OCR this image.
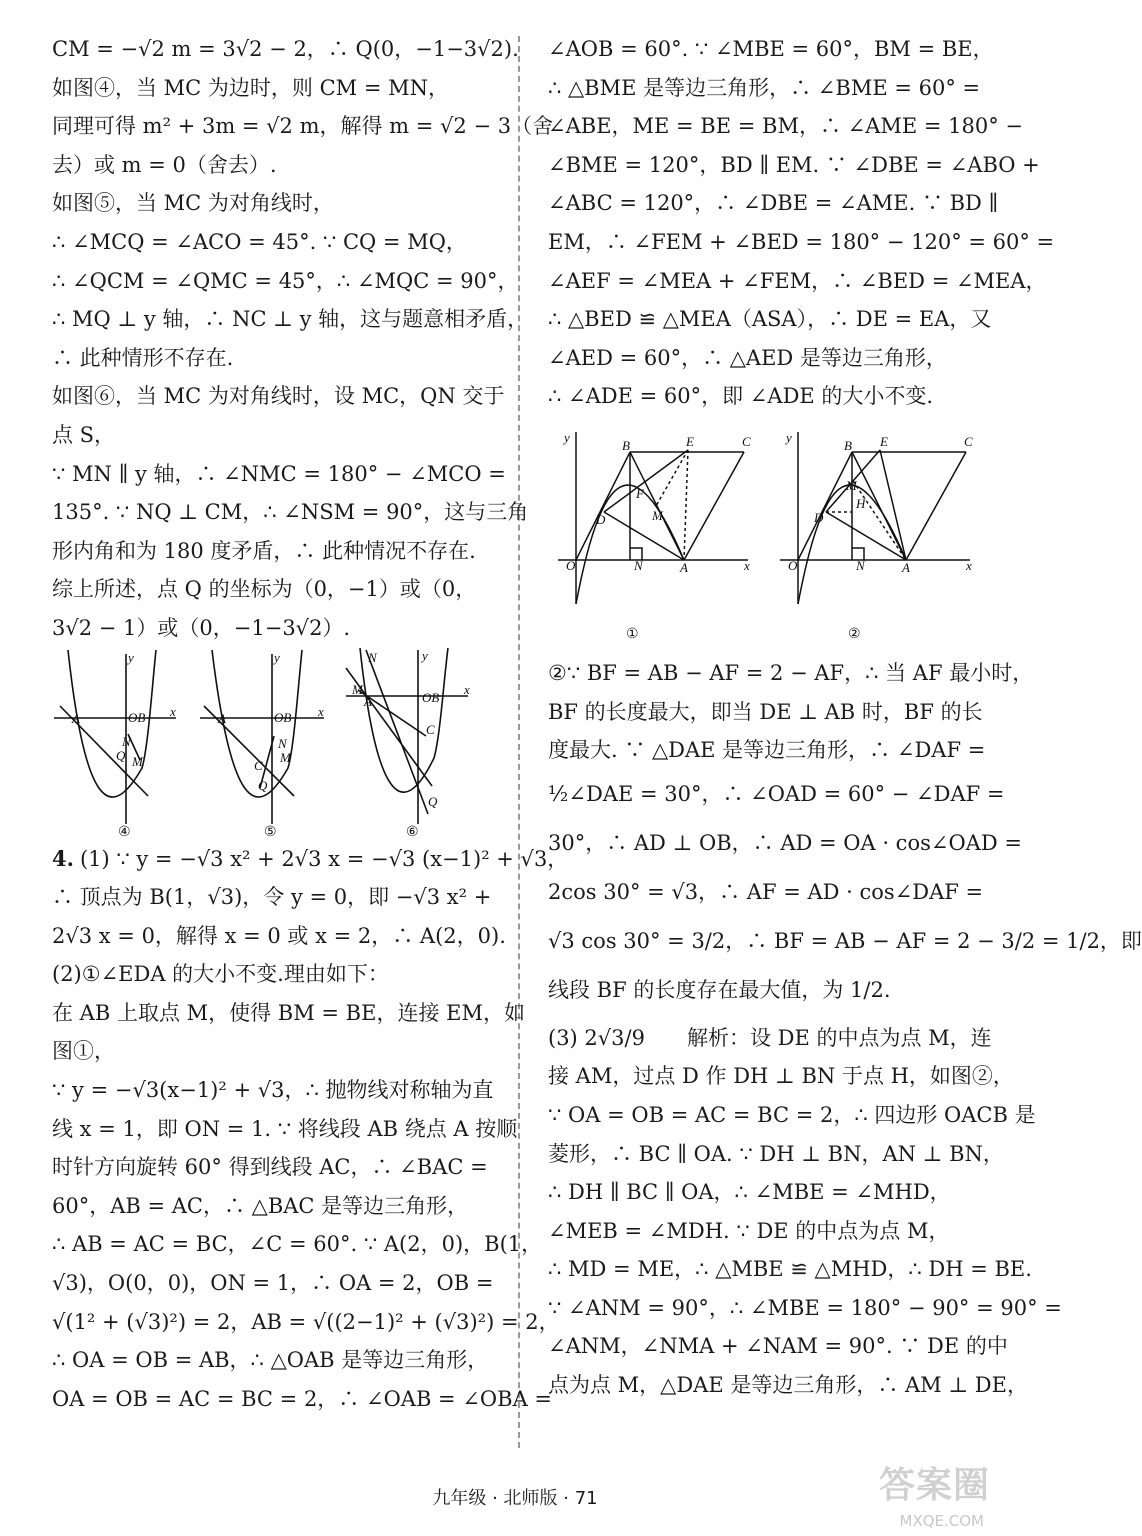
CM = −√2 m = 3√2 − 2，∴ Q(0，−1−3√2).
如图④，当 MC 为边时，则 CM = MN，
同理可得 m² + 3m = √2 m，解得 m = √2 − 3（舍
去）或 m = 0（舍去）.
如图⑤，当 MC 为对角线时，
∴ ∠MCQ = ∠ACO = 45°. ∵ CQ = MQ，
∴ ∠QCM = ∠QMC = 45°，∴ ∠MQC = 90°，
∴ MQ ⊥ y 轴，∴ NC ⊥ y 轴，这与题意相矛盾，
∴ 此种情形不存在.
如图⑥，当 MC 为对角线时，设 MC，QN 交于
点 S，
∵ MN ∥ y 轴，∴ ∠NMC = 180° − ∠MCO =
135°. ∵ NQ ⊥ CM，∴ ∠NSM = 90°，这与三角
形内角和为 180 度矛盾，∴ 此种情况不存在.
综上所述，点 Q 的坐标为（0，−1）或（0，
3√2 − 1）或（0，−1−3√2）.
A	OB x
y
Q M
N
④
A	OB x
y
C
M
N
Q
⑤
N
M
A	OB
x
y
C
Q
⑥
4. (1) ∵ y = −√3 x² + 2√3 x = −√3 (x−1)² + √3，
∴ 顶点为 B(1，√3)，令 y = 0，即 −√3 x² +
2√3 x = 0，解得 x = 0 或 x = 2，∴ A(2，0).
(2)①∠EDA 的大小不变.理由如下：
在 AB 上取点 M，使得 BM = BE，连接 EM，如
图①，
∵ y = −√3(x−1)² + √3，∴ 抛物线对称轴为直
线 x = 1，即 ON = 1. ∵ 将线段 AB 绕点 A 按顺
时针方向旋转 60° 得到线段 AC，∴ ∠BAC =
60°，AB = AC，∴ △BAC 是等边三角形，
∴ AB = AC = BC，∠C = 60°. ∵ A(2，0)，B(1，
√3)，O(0，0)，ON = 1，∴ OA = 2，OB =
√(1² + (√3)²) = 2，AB = √((2−1)² + (√3)²) = 2，
∴ OA = OB = AB，∴ △OAB 是等边三角形，
OA = OB = AC = BC = 2，∴ ∠OAB = ∠OBA =
∠AOB = 60°. ∵ ∠MBE = 60°，BM = BE，
∴ △BME 是等边三角形，∴ ∠BME = 60° =
∠ABE，ME = BE = BM，∴ ∠AME = 180° −
∠BME = 120°，BD ∥ EM. ∵ ∠DBE = ∠ABO +
∠ABC = 120°，∴ ∠DBE = ∠AME. ∵ BD ∥
EM，∴ ∠FEM + ∠BED = 180° − 120° = 60° =
∠AEF = ∠MEA + ∠FEM，∴ ∠BED = ∠MEA，
∴ △BED ≌ △MEA（ASA），∴ DE = EA，又
∠AED = 60°，∴ △AED 是等边三角形，
∴ ∠ADE = 60°，即 ∠ADE 的大小不变.
O
B	E	C
N	A
D
F
M
x
y
①
O
B E	C
N	A
D
H
M
x
y
②
②∵ BF = AB − AF = 2 − AF，∴ 当 AF 最小时，
BF 的长度最大，即当 DE ⊥ AB 时，BF 的长
度最大. ∵ △DAE 是等边三角形，∴ ∠DAF =
½∠DAE = 30°，∴ ∠OAD = 60° − ∠DAF =
30°，∴ AD ⊥ OB，∴ AD = OA · cos∠OAD =
2cos 30° = √3，∴ AF = AD · cos∠DAF =
√3 cos 30° = 3/2，∴ BF = AB − AF = 2 − 3/2 = 1/2，即
线段 BF 的长度存在最大值，为 1/2.
(3) 2√3/9　　解析：设 DE 的中点为点 M，连
接 AM，过点 D 作 DH ⊥ BN 于点 H，如图②，
∵ OA = OB = AC = BC = 2，∴ 四边形 OACB 是
菱形，∴ BC ∥ OA. ∵ DH ⊥ BN，AN ⊥ BN，
∴ DH ∥ BC ∥ OA，∴ ∠MBE = ∠MHD，
∠MEB = ∠MDH. ∵ DE 的中点为点 M，
∴ MD = ME，∴ △MBE ≌ △MHD，∴ DH = BE.
∵ ∠ANM = 90°，∴ ∠MBE = 180° − 90° = 90° =
∠ANM，∠NMA + ∠NAM = 90°. ∵ DE 的中
点为点 M，△DAE 是等边三角形，∴ AM ⊥ DE，
九年级 · 北师版 · 71	答案圈
MXQE.COM
